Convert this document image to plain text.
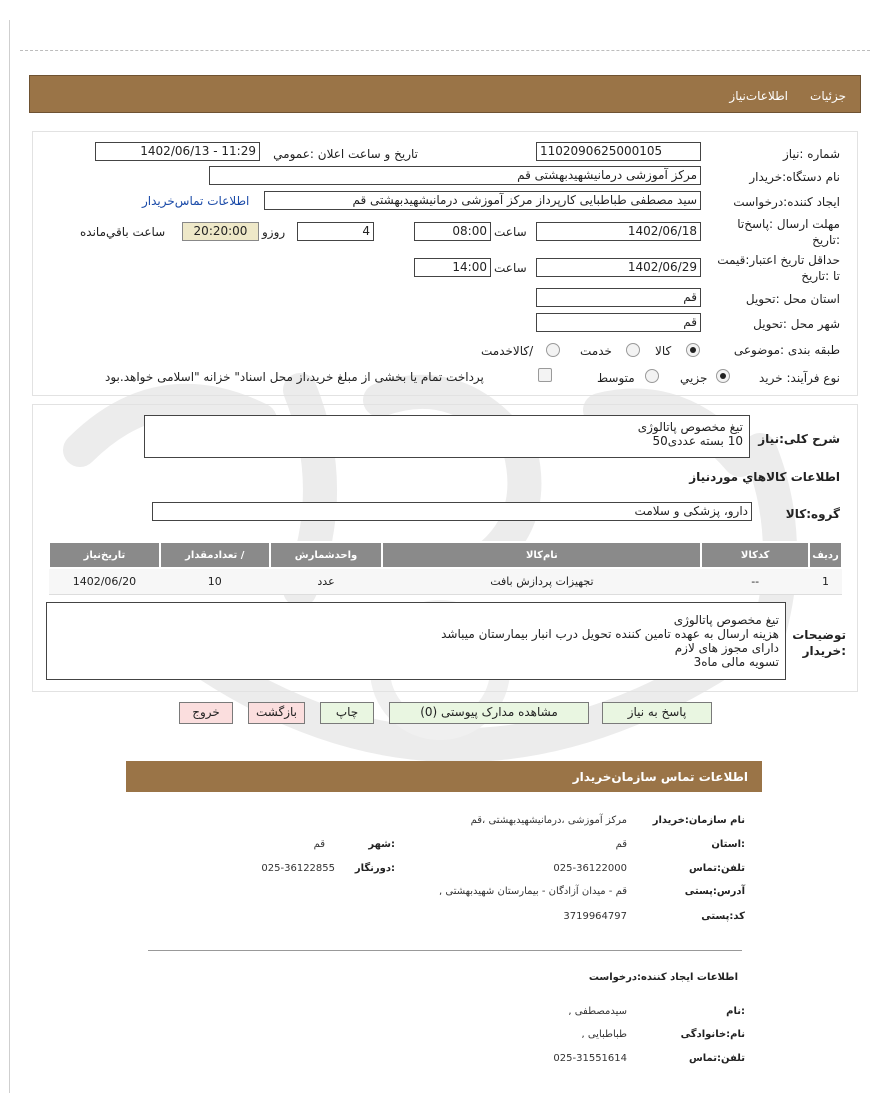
جزئیات
اطلاعات‌نیاز
شماره :نیاز
1102090625000105
تاریخ و ساعت اعلان :عمومي
1402/06/13 - 11:29
نام دستگاه:خریدار
مرکز آموزشی درمانیشهیدبهشتی قم
ایجاد کننده:درخواست
سید مصطفی طباطبایی کارپرداز مرکز آموزشی درمانیشهیدبهشتی قم
اطلاعات تماس‌خریدار
مهلت ارسال :پاسخ‌تا
:تاریخ
1402/06/18
ساعت
08:00
4
روزو
20:20:00
ساعت باقي‌مانده
حداقل تاریخ اعتبار:قیمت
تا :تاریخ
1402/06/29
ساعت
14:00
استان محل :تحویل
قم
شهر محل :تحویل
قم
طبقه بندی :موضوعی
کالا
خدمت
/کالاخدمت
نوع فرآیند: خرید
جزیي
متوسط
پرداخت تمام یا بخشی از مبلغ خرید،از محل اسناد" خزانه "اسلامی خواهد.بود
شرح کلی:نیاز
تیغ مخصوص پاتالوژی
10 بسته عددی50
اطلاعات کالاهاي موردنیاز
گروه:کالا
دارو، پزشکی و سلامت
ردیف	کدکالا	نام‌کالا	واحدشمارش	/ تعدادمقدار	تاریخ‌نیاز
1	--	تجهیزات پردازش بافت	عدد	10	1402/06/20
توضیحات
:خریدار
تیغ مخصوص پاتالوژی
هزینه ارسال به عهده تامین کننده تحویل درب انبار بیمارستان میباشد
دارای مجوز های لازم
تسویه مالی ماه3
پاسخ به نیاز
مشاهده مدارک پیوستی (0)
چاپ
بازگشت
خروج
اطلاعات تماس سازمان‌خریدار
نام سازمان:خریدار
مرکز آموزشی ،درمانیشهیدبهشتی ،قم
:استان
قم
:شهر
قم
تلفن:تماس
025-36122000
:دورنگار
025-36122855
آدرس:پستی
قم - میدان آزادگان - بیمارستان شهیدبهشتی ,
کد:پستی
3719964797
اطلاعات ایجاد کننده:درخواست
:نام
سیدمصطفی ,
نام:خانوادگی
طباطبایی ,
تلفن:تماس
025-31551614
